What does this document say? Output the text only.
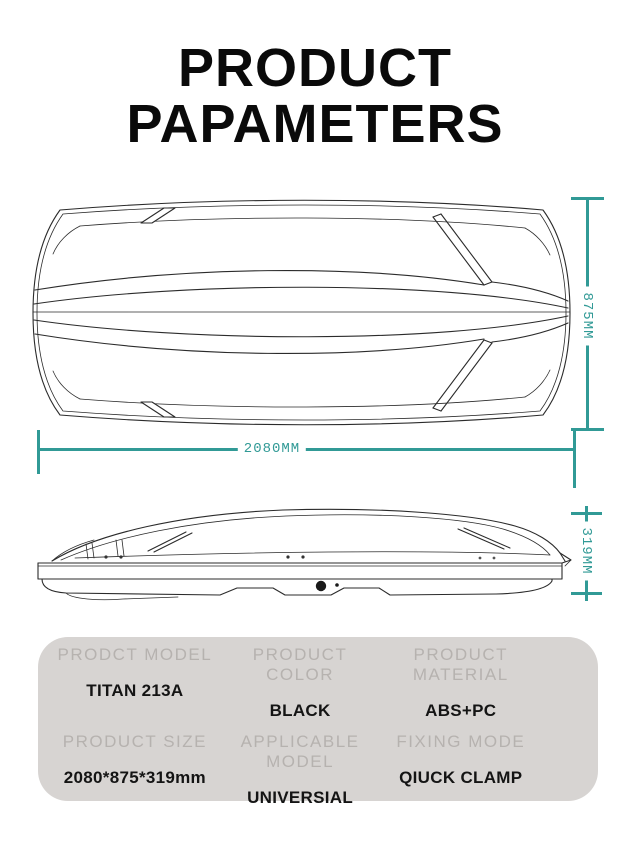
PRODUCT
PAPAMETERS
875MM
2080MM
319MM
PRODCT MODEL
TITAN 213A
PRODUCT COLOR
BLACK
PRODUCT MATERIAL
ABS+PC
PRODUCT SIZE
2080*875*319mm
APPLICABLE MODEL
UNIVERSIAL
FIXING MODE
QIUCK CLAMP
